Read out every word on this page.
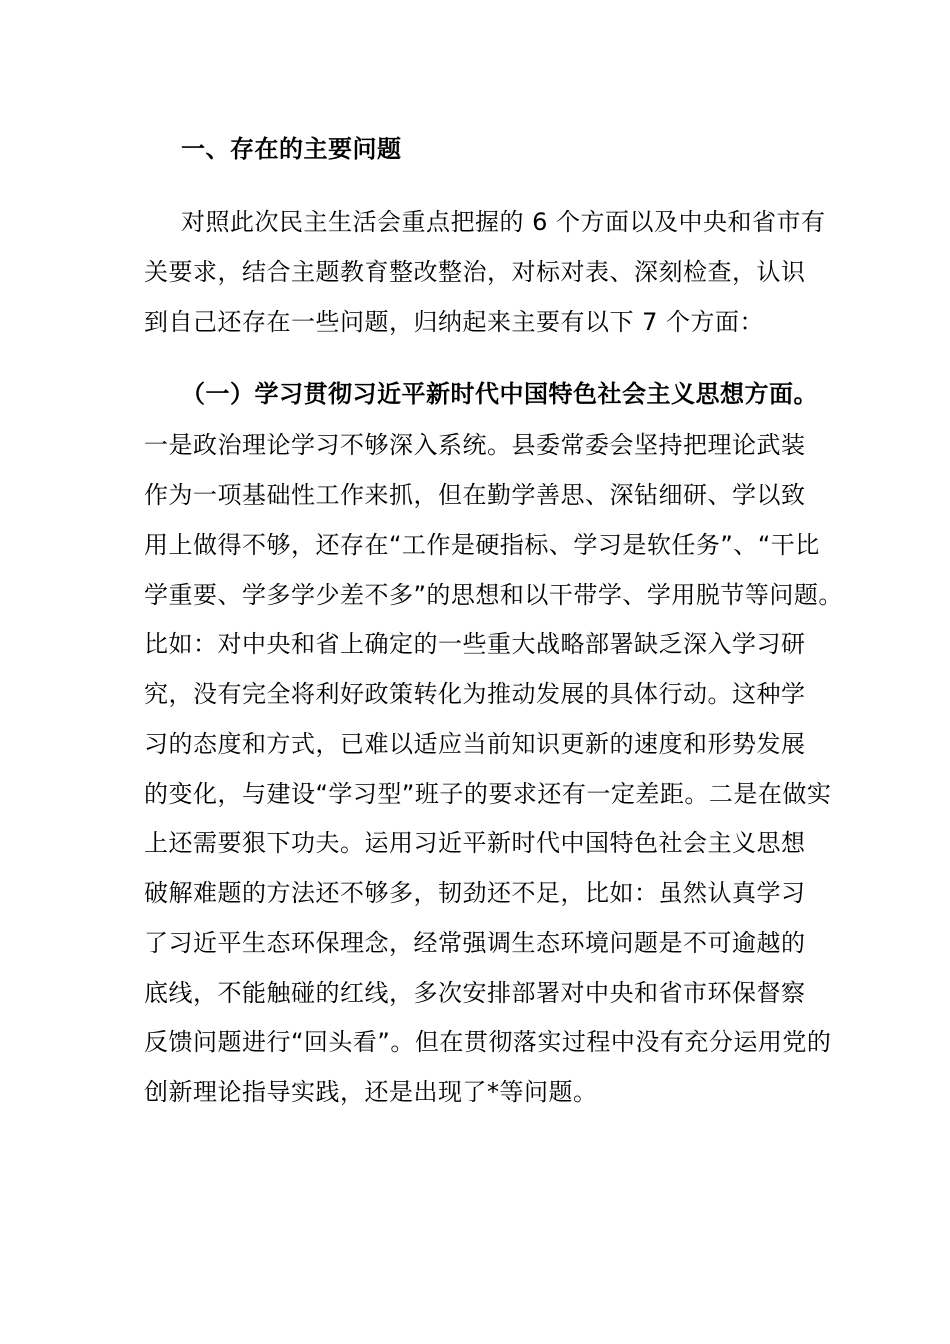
一、存在的主要问题
对照此次民主生活会重点把握的 6 个方面以及中央和省市有
关要求，结合主题教育整改整治，对标对表、深刻检查，认识
到自己还存在一些问题，归纳起来主要有以下 7 个方面：
（一）学习贯彻习近平新时代中国特色社会主义思想方面。
一是政治理论学习不够深入系统。县委常委会坚持把理论武装
作为一项基础性工作来抓，但在勤学善思、深钻细研、学以致
用上做得不够，还存在“工作是硬指标、学习是软任务”、“干比
学重要、学多学少差不多”的思想和以干带学、学用脱节等问题。
比如：对中央和省上确定的一些重大战略部署缺乏深入学习研
究，没有完全将利好政策转化为推动发展的具体行动。这种学
习的态度和方式，已难以适应当前知识更新的速度和形势发展
的变化，与建设“学习型”班子的要求还有一定差距。二是在做实
上还需要狠下功夫。运用习近平新时代中国特色社会主义思想
破解难题的方法还不够多，韧劲还不足，比如：虽然认真学习
了习近平生态环保理念，经常强调生态环境问题是不可逾越的
底线，不能触碰的红线，多次安排部署对中央和省市环保督察
反馈问题进行“回头看”。但在贯彻落实过程中没有充分运用党的
创新理论指导实践，还是出现了*等问题。
